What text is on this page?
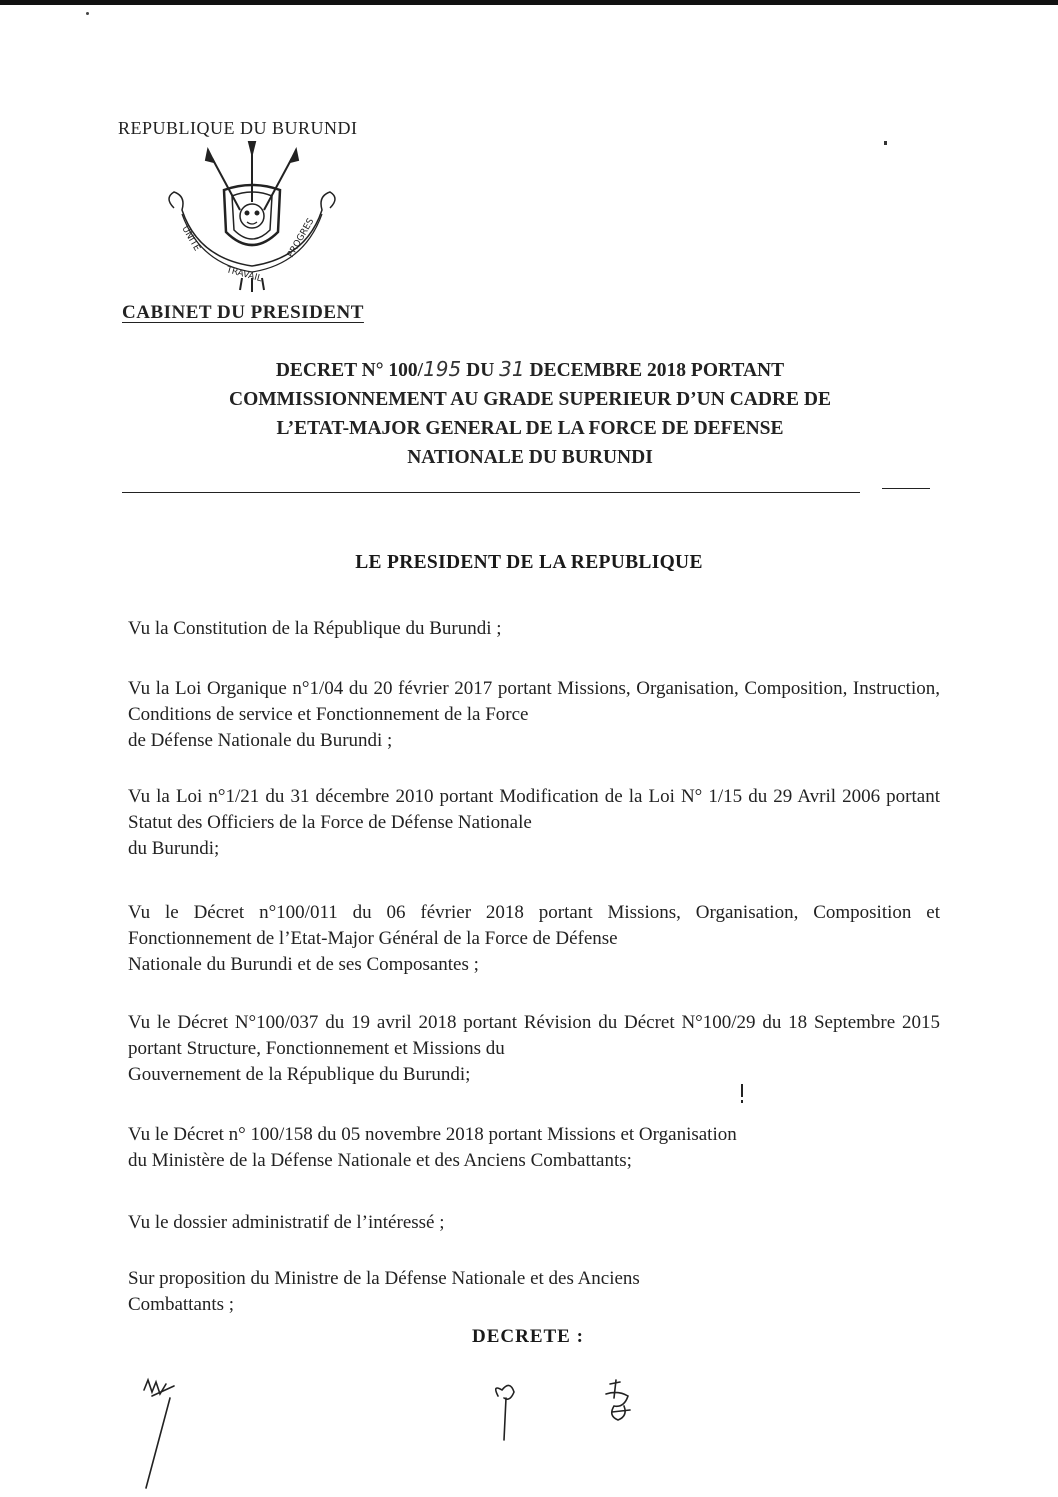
REPUBLIQUE DU BURUNDI
UNITE
TRAVAIL
PROGRES
CABINET DU PRESIDENT
DECRET N° 100/195 DU 31 DECEMBRE 2018 PORTANT
COMMISSIONNEMENT AU GRADE SUPERIEUR D’UN CADRE DE
L’ETAT-MAJOR GENERAL DE LA FORCE DE DEFENSE
NATIONALE DU BURUNDI
LE PRESIDENT DE LA REPUBLIQUE
Vu la Constitution de la République du Burundi ;
Vu la Loi Organique n°1/04 du 20 février 2017 portant Missions, Organisation, Composition, Instruction, Conditions de service et Fonctionnement de la Force
de Défense Nationale du Burundi ;
Vu la Loi n°1/21 du 31 décembre 2010 portant Modification de la Loi N° 1/15 du 29 Avril 2006 portant Statut des Officiers de la Force de Défense Nationale
du Burundi;
Vu le Décret n°100/011 du 06 février 2018 portant Missions, Organisation, Composition et Fonctionnement de l’Etat-Major Général de la Force de Défense
Nationale du Burundi et de ses Composantes ;
Vu le Décret N°100/037 du 19 avril 2018 portant Révision du Décret N°100/29 du 18 Septembre 2015 portant Structure, Fonctionnement et Missions du
Gouvernement de la République du Burundi;
Vu le Décret n° 100/158 du 05 novembre 2018 portant Missions et Organisation
du Ministère de la Défense Nationale et des Anciens Combattants;
Vu le dossier administratif de l’intéressé ;
Sur proposition du Ministre de la Défense Nationale et des Anciens
Combattants ;
DECRETE :
